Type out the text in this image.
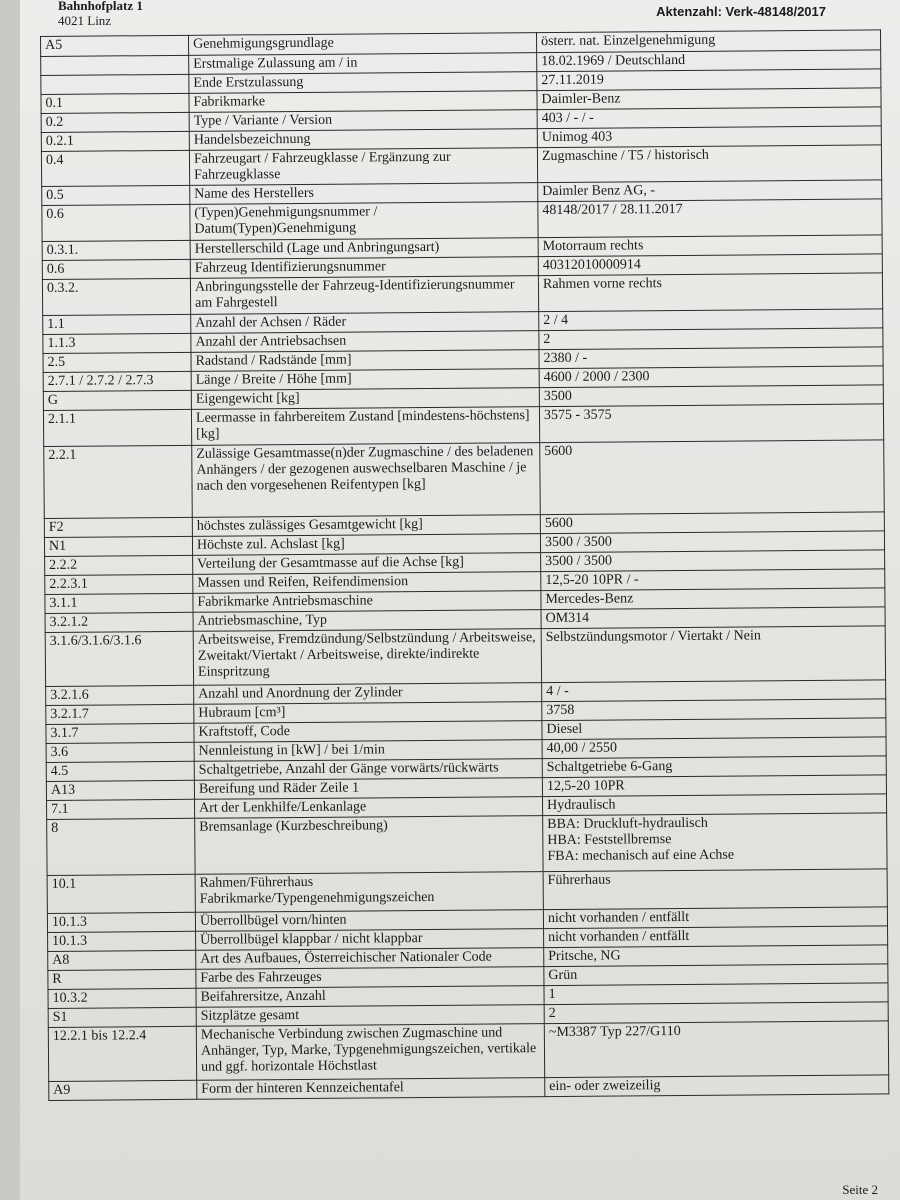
Bahnhofplatz 1
4021 Linz
Aktenzahl: Verk-48148/2017
A5	Genehmigungsgrundlage	österr. nat. Einzelgenehmigung
	Erstmalige Zulassung am / in	18.02.1969 / Deutschland
	Ende Erstzulassung	27.11.2019
0.1	Fabrikmarke	Daimler-Benz
0.2	Type / Variante / Version	403 / - / -
0.2.1	Handelsbezeichnung	Unimog 403
0.4	Fahrzeugart / Fahrzeugklasse / Ergänzung zur Fahrzeugklasse	Zugmaschine / T5 / historisch
0.5	Name des Herstellers	Daimler Benz AG, -
0.6	(Typen)Genehmigungsnummer / Datum(Typen)Genehmigung	48148/2017 / 28.11.2017
0.3.1.	Herstellerschild (Lage und Anbringungsart)	Motorraum rechts
0.6	Fahrzeug Identifizierungsnummer	40312010000914
0.3.2.	Anbringungsstelle der Fahrzeug-Identifizierungsnummer am Fahrgestell	Rahmen vorne rechts
1.1	Anzahl der Achsen / Räder	2 / 4
1.1.3	Anzahl der Antriebsachsen	2
2.5	Radstand / Radstände [mm]	2380 / -
2.7.1 / 2.7.2 / 2.7.3	Länge / Breite / Höhe [mm]	4600 / 2000 / 2300
G	Eigengewicht [kg]	3500
2.1.1	Leermasse in fahrbereitem Zustand [mindestens-höchstens] [kg]	3575 - 3575
2.2.1	Zulässige Gesamtmasse(n)der Zugmaschine / des beladenen Anhängers / der gezogenen auswechselbaren Maschine / je nach den vorgesehenen Reifentypen [kg]	5600
F2	höchstes zulässiges Gesamtgewicht [kg]	5600
N1	Höchste zul. Achslast [kg]	3500 / 3500
2.2.2	Verteilung der Gesamtmasse auf die Achse [kg]	3500 / 3500
2.2.3.1	Massen und Reifen, Reifendimension	12,5-20 10PR / -
3.1.1	Fabrikmarke Antriebsmaschine	Mercedes-Benz
3.2.1.2	Antriebsmaschine, Typ	OM314
3.1.6/3.1.6/3.1.6	Arbeitsweise, Fremdzündung/Selbstzündung / Arbeitsweise, Zweitakt/Viertakt / Arbeitsweise, direkte/indirekte Einspritzung	Selbstzündungsmotor / Viertakt / Nein
3.2.1.6	Anzahl und Anordnung der Zylinder	4 / -
3.2.1.7	Hubraum [cm³]	3758
3.1.7	Kraftstoff, Code	Diesel
3.6	Nennleistung in [kW] / bei 1/min	40,00 / 2550
4.5	Schaltgetriebe, Anzahl der Gänge vorwärts/rückwärts	Schaltgetriebe 6-Gang
A13	Bereifung und Räder Zeile 1	12,5-20 10PR
7.1	Art der Lenkhilfe/Lenkanlage	Hydraulisch
8	Bremsanlage (Kurzbeschreibung)	BBA: Druckluft-hydraulisch
HBA: Feststellbremse
FBA: mechanisch auf eine Achse
10.1	Rahmen/Führerhaus Fabrikmarke/Typengenehmigungszeichen	Führerhaus
10.1.3	Überrollbügel vorn/hinten	nicht vorhanden / entfällt
10.1.3	Überrollbügel klappbar / nicht klappbar	nicht vorhanden / entfällt
A8	Art des Aufbaues, Österreichischer Nationaler Code	Pritsche, NG
R	Farbe des Fahrzeuges	Grün
10.3.2	Beifahrersitze, Anzahl	1
S1	Sitzplätze gesamt	2
12.2.1 bis 12.2.4	Mechanische Verbindung zwischen Zugmaschine und Anhänger, Typ, Marke, Typgenehmigungszeichen, vertikale und ggf. horizontale Höchstlast	~M3387 Typ 227/G110
A9	Form der hinteren Kennzeichentafel	ein- oder zweizeilig
Seite 2
